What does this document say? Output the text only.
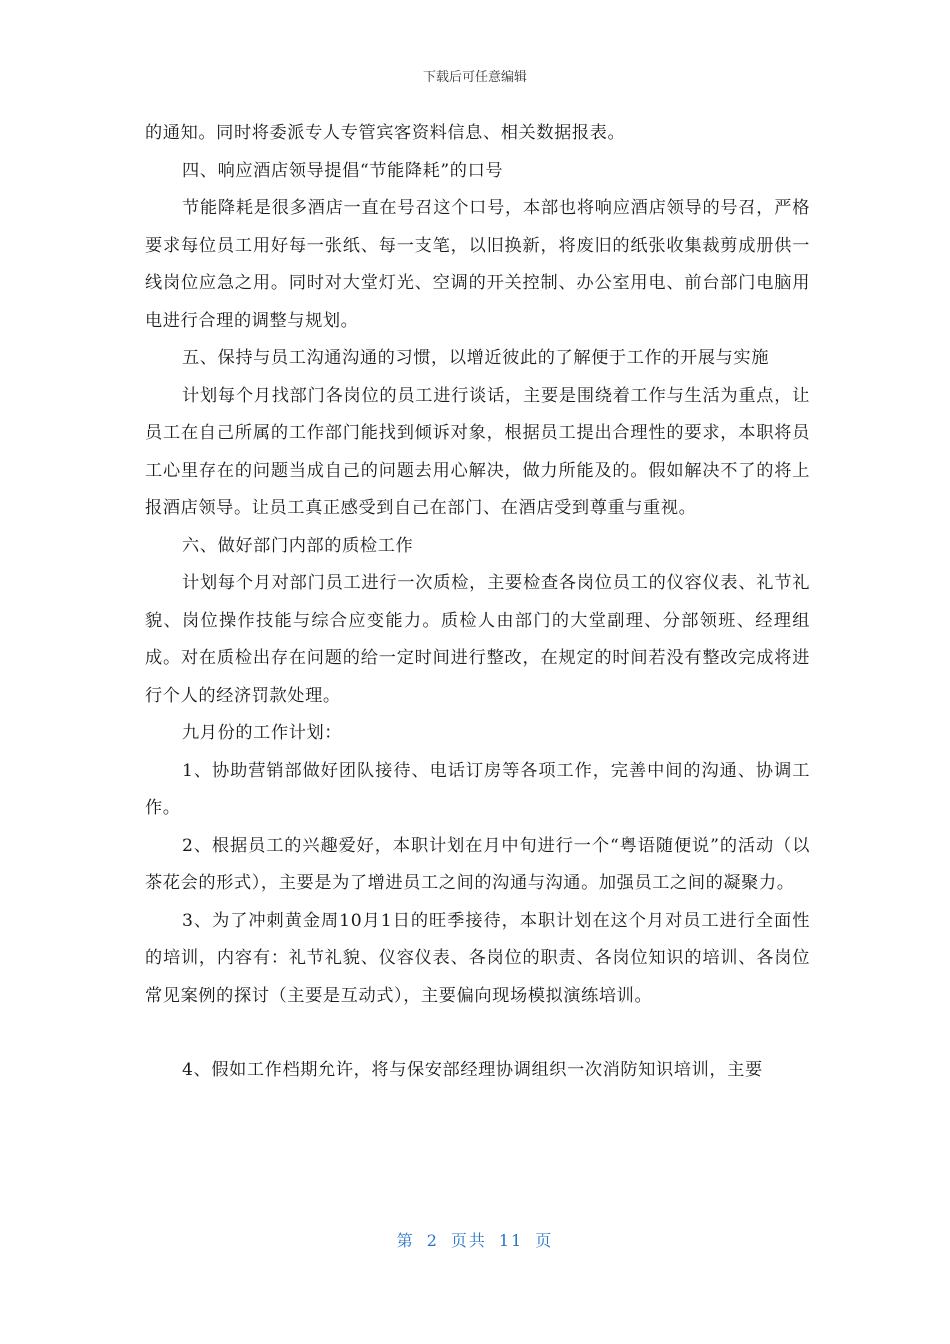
下载后可任意编辑

的通知。同时将委派专人专管宾客资料信息、相关数据报表。

四、响应酒店领导提倡“节能降耗”的口号

节能降耗是很多酒店一直在号召这个口号，本部也将响应酒店领导的号召，严格要求每位员工用好每一张纸、每一支笔，以旧换新，将废旧的纸张收集裁剪成册供一线岗位应急之用。同时对大堂灯光、空调的开关控制、办公室用电、前台部门电脑用电进行合理的调整与规划。

五、保持与员工沟通沟通的习惯，以增近彼此的了解便于工作的开展与实施

计划每个月找部门各岗位的员工进行谈话，主要是围绕着工作与生活为重点，让员工在自己所属的工作部门能找到倾诉对象，根据员工提出合理性的要求，本职将员工心里存在的问题当成自己的问题去用心解决，做力所能及的。假如解决不了的将上报酒店领导。让员工真正感受到自己在部门、在酒店受到尊重与重视。

六、做好部门内部的质检工作

计划每个月对部门员工进行一次质检，主要检查各岗位员工的仪容仪表、礼节礼貌、岗位操作技能与综合应变能力。质检人由部门的大堂副理、分部领班、经理组成。对在质检出存在问题的给一定时间进行整改，在规定的时间若没有整改完成将进行个人的经济罚款处理。

九月份的工作计划：

1、协助营销部做好团队接待、电话订房等各项工作，完善中间的沟通、协调工作。

2、根据员工的兴趣爱好，本职计划在月中旬进行一个“粤语随便说”的活动（以茶花会的形式），主要是为了增进员工之间的沟通与沟通。加强员工之间的凝聚力。

3、为了冲刺黄金周10月1日的旺季接待，本职计划在这个月对员工进行全面性的培训，内容有：礼节礼貌、仪容仪表、各岗位的职责、各岗位知识的培训、各岗位常见案例的探讨（主要是互动式），主要偏向现场模拟演练培训。

4、假如工作档期允许，将与保安部经理协调组织一次消防知识培训，主要

第 2 页共 11 页
